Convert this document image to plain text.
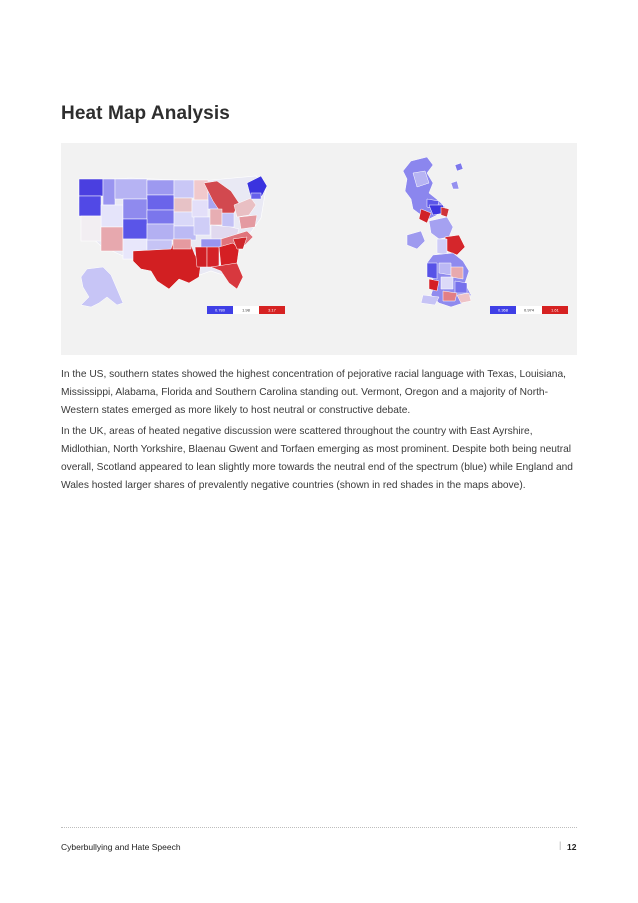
Heat Map Analysis
0.780	1.98	3.17	0.368	0.974	1.61

In the US, southern states showed the highest concentration of pejorative racial language with Texas, Louisiana, Mississippi, Alabama, Florida and Southern Carolina standing out. Vermont, Oregon and a majority of North-Western states emerged as more likely to host neutral or constructive debate.

In the UK, areas of heated negative discussion were scattered throughout the country with East Ayrshire, Midlothian, North Yorkshire, Blaenau Gwent and Torfaen emerging as most prominent. Despite both being neutral overall, Scotland appeared to lean slightly more towards the neutral end of the spectrum (blue) while England and Wales hosted larger shares of prevalently negative countries (shown in red shades in the maps above).

Cyberbullying and Hate Speech	| 12
